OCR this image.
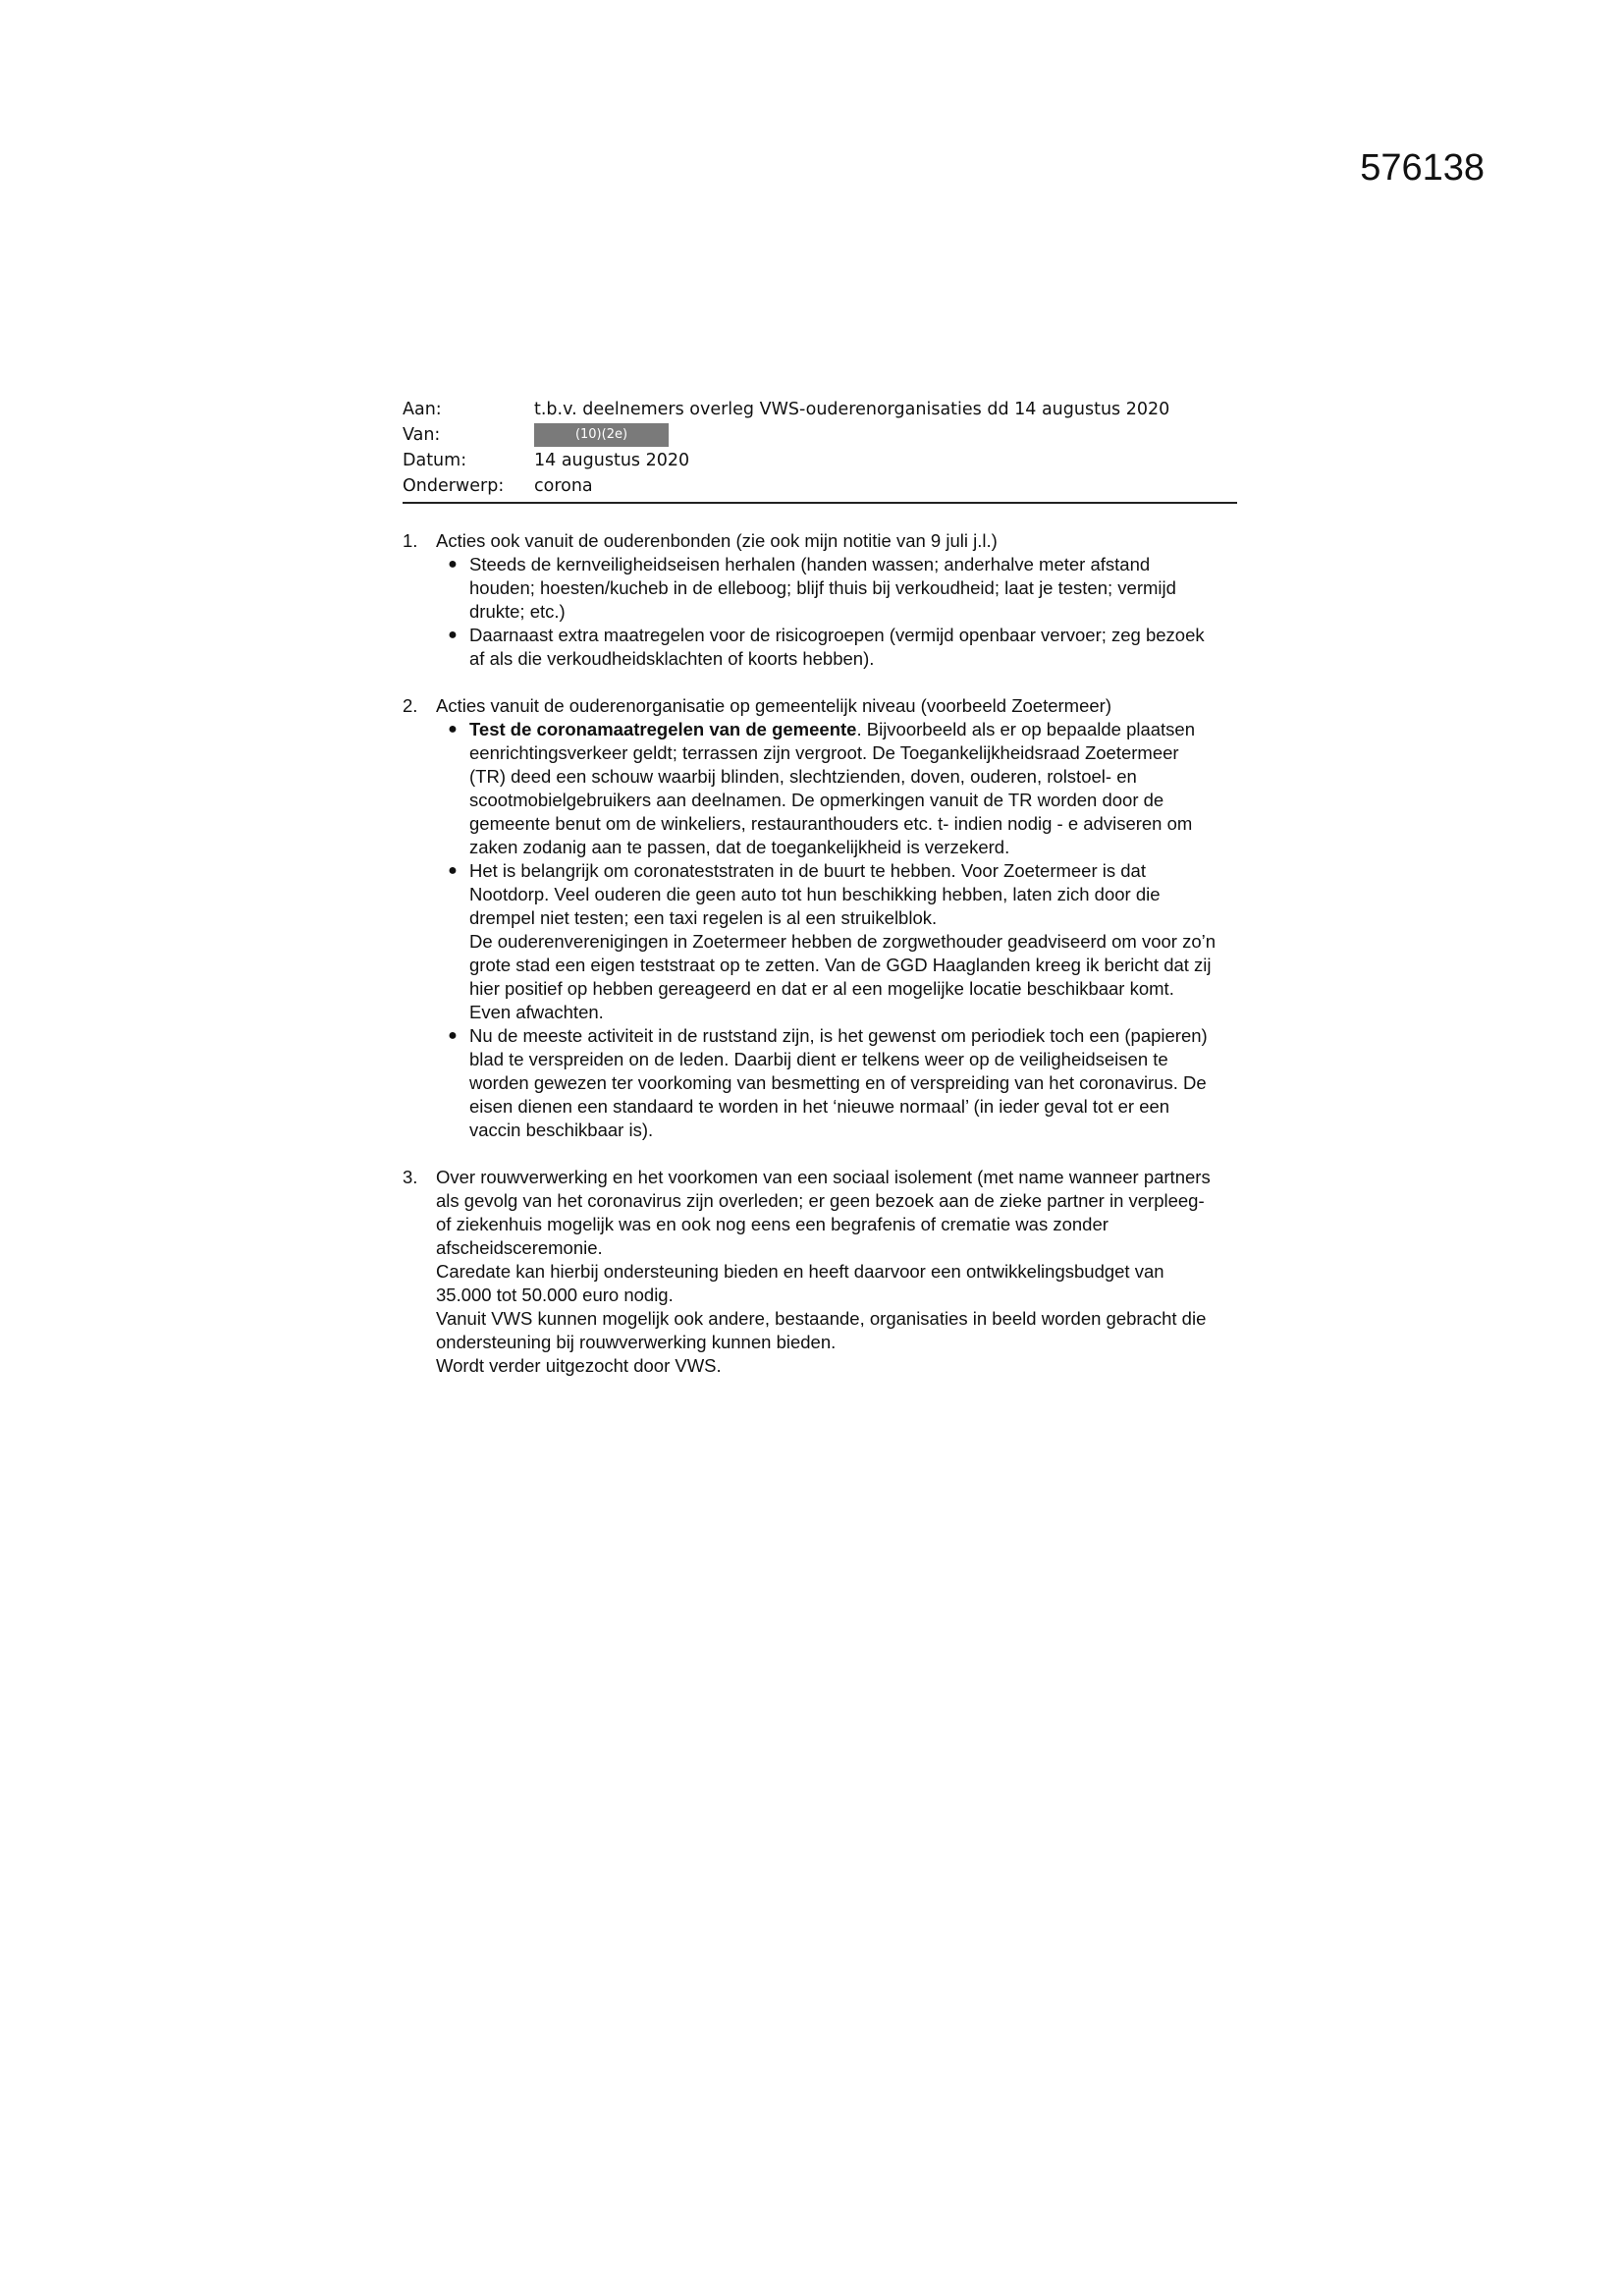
576138
Aan:	t.b.v. deelnemers overleg VWS-ouderenorganisaties dd 14 augustus 2020
Van:	(10)(2e)
Datum:	14 augustus 2020
Onderwerp:	corona
1.	Acties ook vanuit de ouderenbonden (zie ook mijn notitie van 9 juli j.l.)
● Steeds de kernveiligheidseisen herhalen (handen wassen; anderhalve meter afstand houden; hoesten/kucheb in de elleboog; blijf thuis bij verkoudheid; laat je testen; vermijd drukte; etc.)
● Daarnaast extra maatregelen voor de risicogroepen (vermijd openbaar vervoer; zeg bezoek af als die verkoudheidsklachten of koorts hebben).
2.	Acties vanuit de ouderenorganisatie op gemeentelijk niveau (voorbeeld Zoetermeer)
● Test de coronamaatregelen van de gemeente. Bijvoorbeeld als er op bepaalde plaatsen eenrichtingsverkeer geldt; terrassen zijn vergroot. De Toegankelijkheidsraad Zoetermeer (TR) deed een schouw waarbij blinden, slechtzienden, doven, ouderen, rolstoel- en scootmobielgebruikers aan deelnamen. De opmerkingen vanuit de TR worden door de gemeente benut om de winkeliers, restauranthouders etc. t- indien nodig - e adviseren om zaken zodanig aan te passen, dat de toegankelijkheid is verzekerd.
● Het is belangrijk om coronateststraten in de buurt te hebben. Voor Zoetermeer is dat Nootdorp. Veel ouderen die geen auto tot hun beschikking hebben, laten zich door die drempel niet testen; een taxi regelen is al een struikelblok.
De ouderenverenigingen in Zoetermeer hebben de zorgwethouder geadviseerd om voor zo’n grote stad een eigen teststraat op te zetten. Van de GGD Haaglanden kreeg ik bericht dat zij hier positief op hebben gereageerd en dat er al een mogelijke locatie beschikbaar komt. Even afwachten.
● Nu de meeste activiteit in de ruststand zijn, is het gewenst om periodiek toch een (papieren) blad te verspreiden on de leden. Daarbij dient er telkens weer op de veiligheidseisen te worden gewezen ter voorkoming van besmetting en of verspreiding van het coronavirus. De eisen dienen een standaard te worden in het ‘nieuwe normaal’ (in ieder geval tot er een vaccin beschikbaar is).
3.	Over rouwverwerking en het voorkomen van een sociaal isolement (met name wanneer partners als gevolg van het coronavirus zijn overleden; er geen bezoek aan de zieke partner in verpleeg- of ziekenhuis mogelijk was en ook nog eens een begrafenis of crematie was zonder afscheidsceremonie.
Caredate kan hierbij ondersteuning bieden en heeft daarvoor een ontwikkelingsbudget van 35.000 tot 50.000 euro nodig.
Vanuit VWS kunnen mogelijk ook andere, bestaande, organisaties in beeld worden gebracht die ondersteuning bij rouwverwerking kunnen bieden.
Wordt verder uitgezocht door VWS.
